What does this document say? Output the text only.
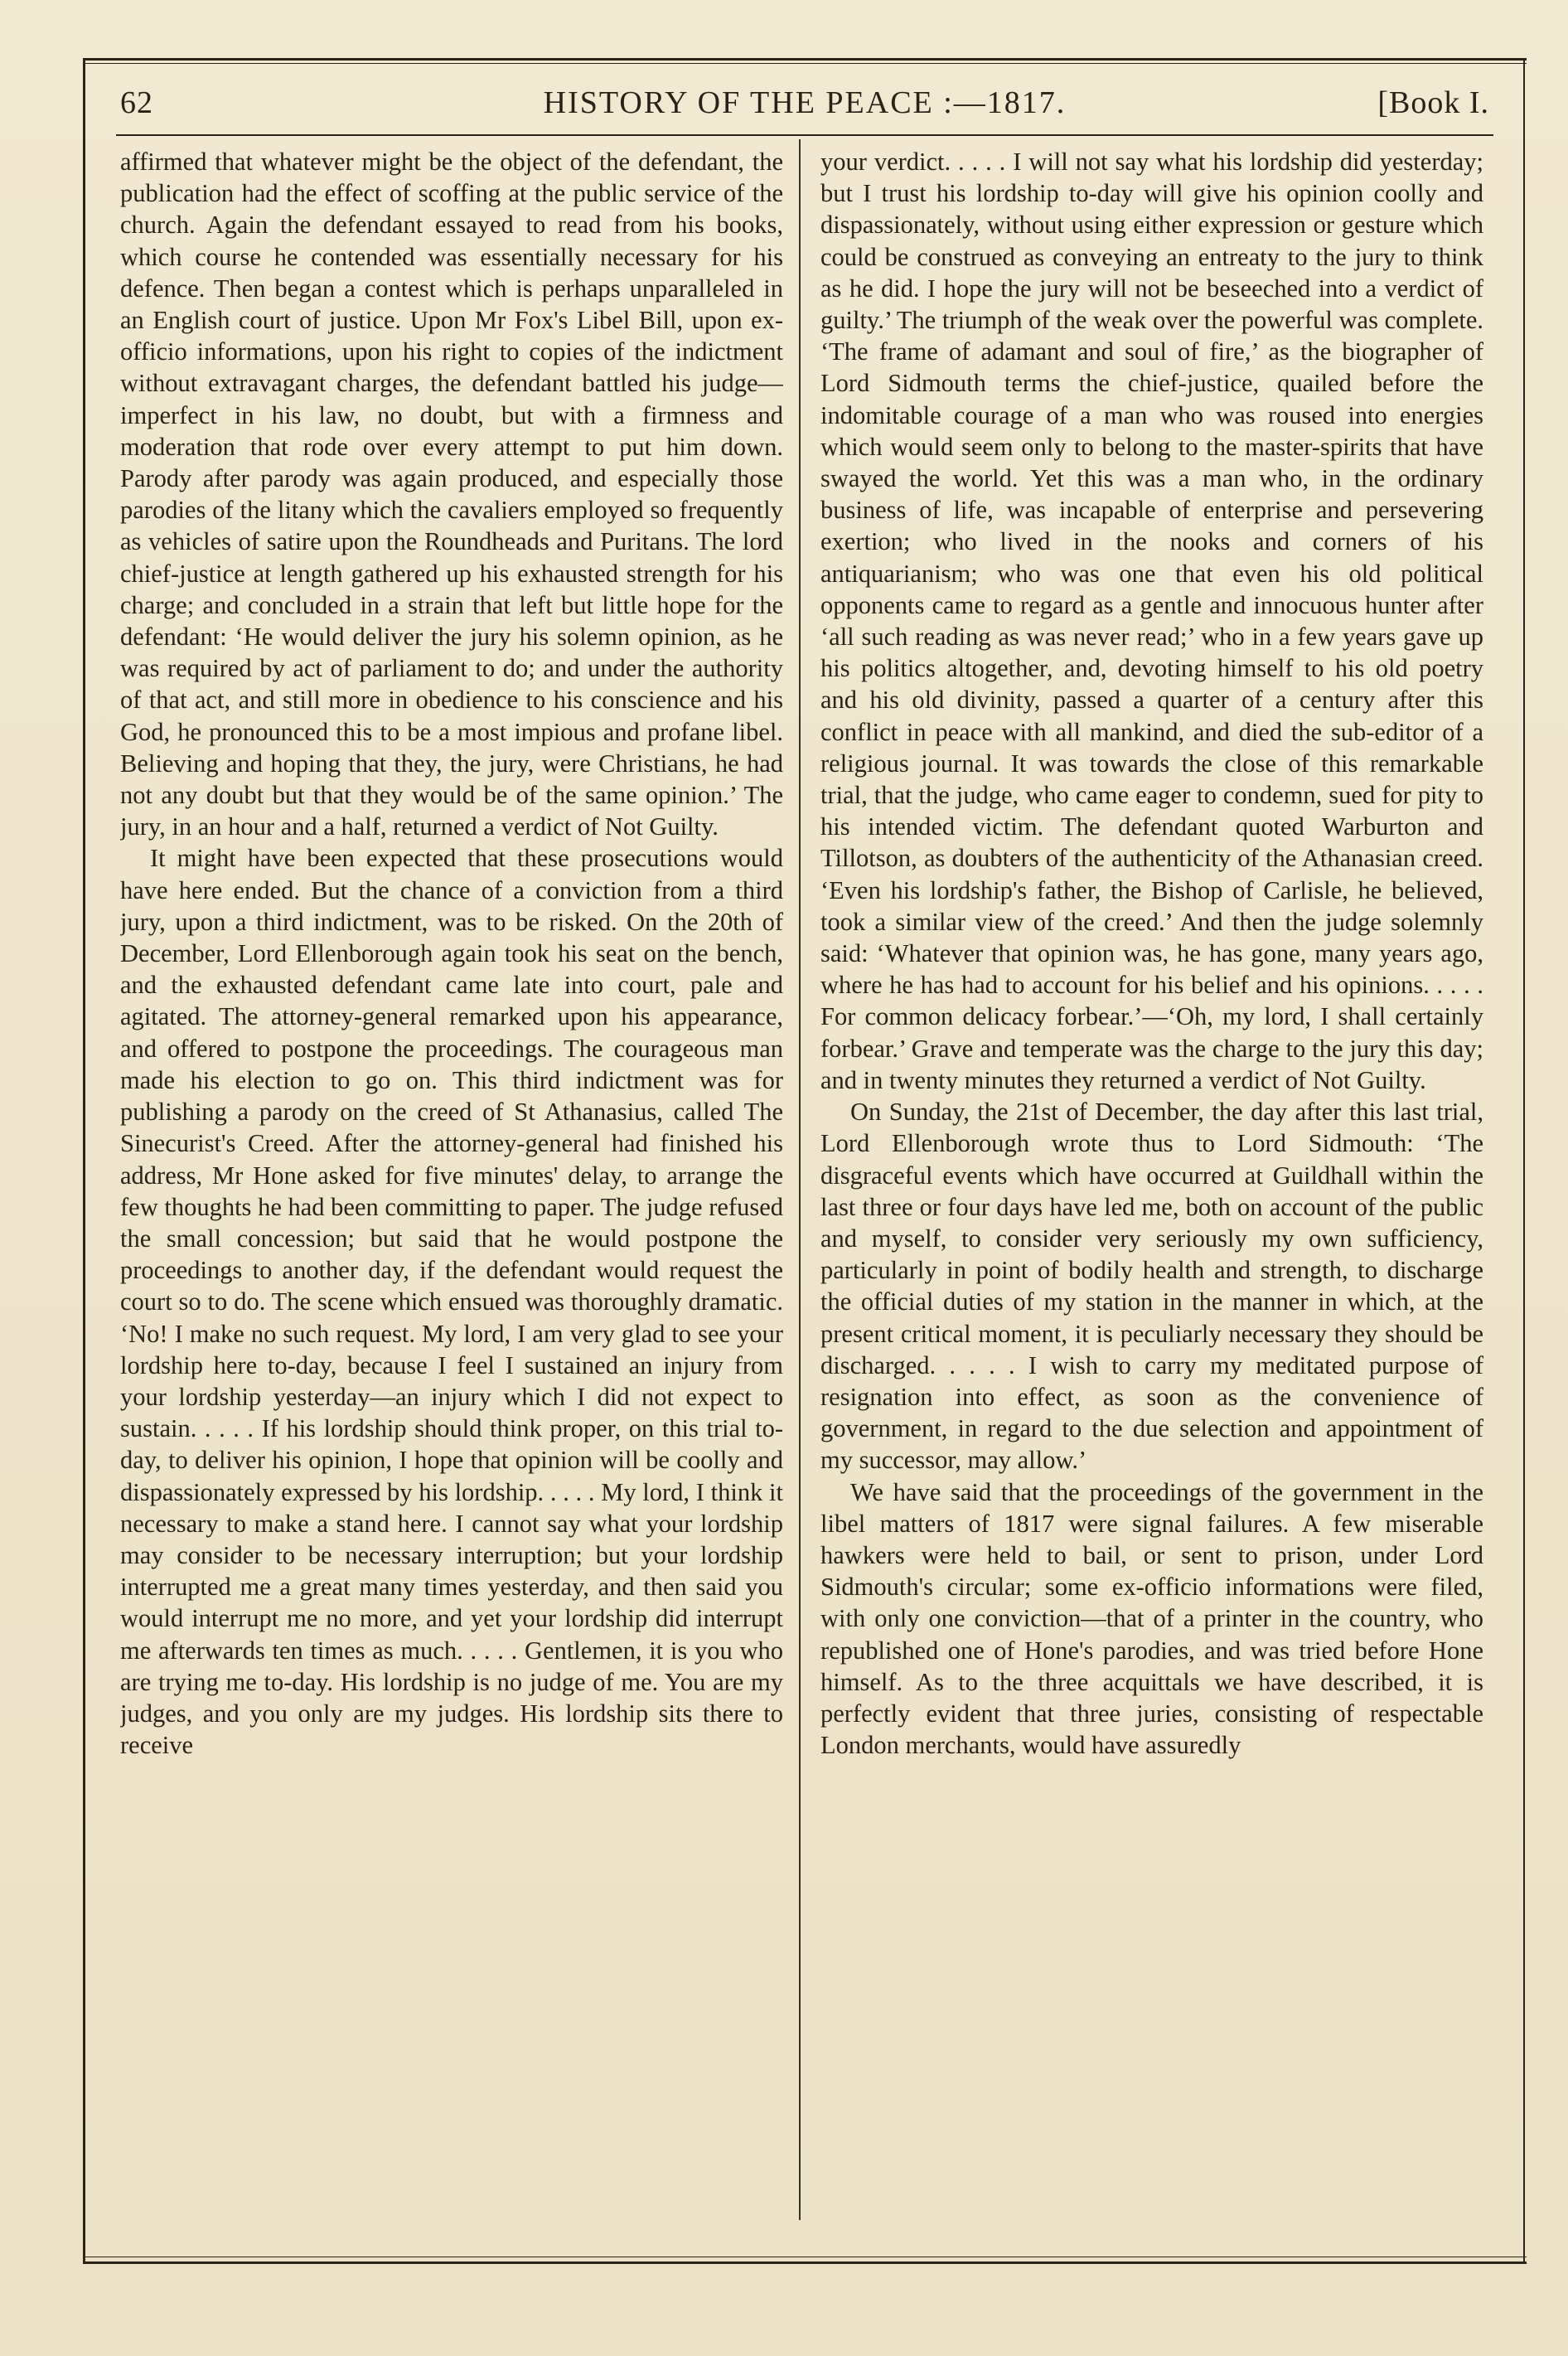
62	HISTORY OF THE PEACE :—1817.	[Book I.

affirmed that whatever might be the object of the defendant, the publication had the effect of scoffing at the public service of the church. Again the defendant essayed to read from his books, which course he contended was essentially necessary for his defence. Then began a contest which is perhaps unparalleled in an English court of justice. Upon Mr Fox's Libel Bill, upon ex-officio informations, upon his right to copies of the indictment without extravagant charges, the defendant battled his judge—imperfect in his law, no doubt, but with a firmness and moderation that rode over every attempt to put him down. Parody after parody was again produced, and especially those parodies of the litany which the cavaliers employed so frequently as vehicles of satire upon the Roundheads and Puritans. The lord chief-justice at length gathered up his exhausted strength for his charge; and concluded in a strain that left but little hope for the defendant: ‘He would deliver the jury his solemn opinion, as he was required by act of parliament to do; and under the authority of that act, and still more in obedience to his conscience and his God, he pronounced this to be a most impious and profane libel. Believing and hoping that they, the jury, were Christians, he had not any doubt but that they would be of the same opinion.’ The jury, in an hour and a half, returned a verdict of Not Guilty.

It might have been expected that these prosecutions would have here ended. But the chance of a conviction from a third jury, upon a third indictment, was to be risked. On the 20th of December, Lord Ellenborough again took his seat on the bench, and the exhausted defendant came late into court, pale and agitated. The attorney-general remarked upon his appearance, and offered to postpone the proceedings. The courageous man made his election to go on. This third indictment was for publishing a parody on the creed of St Athanasius, called The Sinecurist's Creed. After the attorney-general had finished his address, Mr Hone asked for five minutes' delay, to arrange the few thoughts he had been committing to paper. The judge refused the small concession; but said that he would postpone the proceedings to another day, if the defendant would request the court so to do. The scene which ensued was thoroughly dramatic. ‘No! I make no such request. My lord, I am very glad to see your lordship here to-day, because I feel I sustained an injury from your lordship yesterday—an injury which I did not expect to sustain. . . . . If his lordship should think proper, on this trial to-day, to deliver his opinion, I hope that opinion will be coolly and dispassionately expressed by his lordship. . . . . My lord, I think it necessary to make a stand here. I cannot say what your lordship may consider to be necessary interruption; but your lordship interrupted me a great many times yesterday, and then said you would interrupt me no more, and yet your lordship did interrupt me afterwards ten times as much. . . . . Gentlemen, it is you who are trying me to-day. His lordship is no judge of me. You are my judges, and you only are my judges. His lordship sits there to receive

your verdict. . . . . I will not say what his lordship did yesterday; but I trust his lordship to-day will give his opinion coolly and dispassionately, without using either expression or gesture which could be construed as conveying an entreaty to the jury to think as he did. I hope the jury will not be beseeched into a verdict of guilty.’ The triumph of the weak over the powerful was complete. ‘The frame of adamant and soul of fire,’ as the biographer of Lord Sidmouth terms the chief-justice, quailed before the indomitable courage of a man who was roused into energies which would seem only to belong to the master-spirits that have swayed the world. Yet this was a man who, in the ordinary business of life, was incapable of enterprise and persevering exertion; who lived in the nooks and corners of his antiquarianism; who was one that even his old political opponents came to regard as a gentle and innocuous hunter after ‘all such reading as was never read;’ who in a few years gave up his politics altogether, and, devoting himself to his old poetry and his old divinity, passed a quarter of a century after this conflict in peace with all mankind, and died the sub-editor of a religious journal. It was towards the close of this remarkable trial, that the judge, who came eager to condemn, sued for pity to his intended victim. The defendant quoted Warburton and Tillotson, as doubters of the authenticity of the Athanasian creed. ‘Even his lordship's father, the Bishop of Carlisle, he believed, took a similar view of the creed.’ And then the judge solemnly said: ‘Whatever that opinion was, he has gone, many years ago, where he has had to account for his belief and his opinions. . . . . For common delicacy forbear.’—‘Oh, my lord, I shall certainly forbear.’ Grave and temperate was the charge to the jury this day; and in twenty minutes they returned a verdict of Not Guilty.

On Sunday, the 21st of December, the day after this last trial, Lord Ellenborough wrote thus to Lord Sidmouth: ‘The disgraceful events which have occurred at Guildhall within the last three or four days have led me, both on account of the public and myself, to consider very seriously my own sufficiency, particularly in point of bodily health and strength, to discharge the official duties of my station in the manner in which, at the present critical moment, it is peculiarly necessary they should be discharged. . . . . I wish to carry my meditated purpose of resignation into effect, as soon as the convenience of government, in regard to the due selection and appointment of my successor, may allow.’

We have said that the proceedings of the government in the libel matters of 1817 were signal failures. A few miserable hawkers were held to bail, or sent to prison, under Lord Sidmouth's circular; some ex-officio informations were filed, with only one conviction—that of a printer in the country, who republished one of Hone's parodies, and was tried before Hone himself. As to the three acquittals we have described, it is perfectly evident that three juries, consisting of respectable London merchants, would have assuredly
